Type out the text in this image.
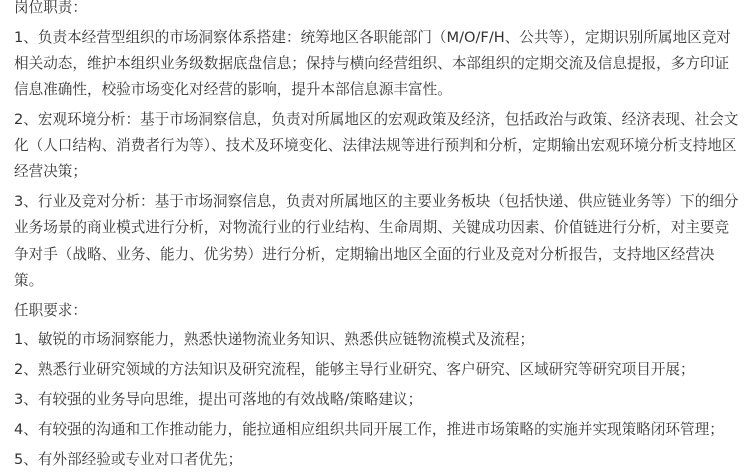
岗位职责：

1、负责本经营型组织的市场洞察体系搭建：统筹地区各职能部门（M/O/F/H、公共等），定期识别所属地区竞对相关动态，维护本组织业务级数据底盘信息；保持与横向经营组织、本部组织的定期交流及信息提报，多方印证信息准确性，校验市场变化对经营的影响，提升本部信息源丰富性。

2、宏观环境分析：基于市场洞察信息，负责对所属地区的宏观政策及经济，包括政治与政策、经济表现、社会文化（人口结构、消费者行为等）、技术及环境变化、法律法规等进行预判和分析，定期输出宏观环境分析支持地区经营决策；

3、行业及竞对分析：基于市场洞察信息，负责对所属地区的主要业务板块（包括快递、供应链业务等）下的细分业务场景的商业模式进行分析，对物流行业的行业结构、生命周期、关键成功因素、价值链进行分析，对主要竞争对手（战略、业务、能力、优劣势）进行分析，定期输出地区全面的行业及竞对分析报告，支持地区经营决策。

任职要求：

1、敏锐的市场洞察能力，熟悉快递物流业务知识、熟悉供应链物流模式及流程；

2、熟悉行业研究领域的方法知识及研究流程，能够主导行业研究、客户研究、区域研究等研究项目开展；

3、有较强的业务导向思维，提出可落地的有效战略/策略建议；

4、有较强的沟通和工作推动能力，能拉通相应组织共同开展工作，推进市场策略的实施并实现策略闭环管理；

5、有外部经验或专业对口者优先；
